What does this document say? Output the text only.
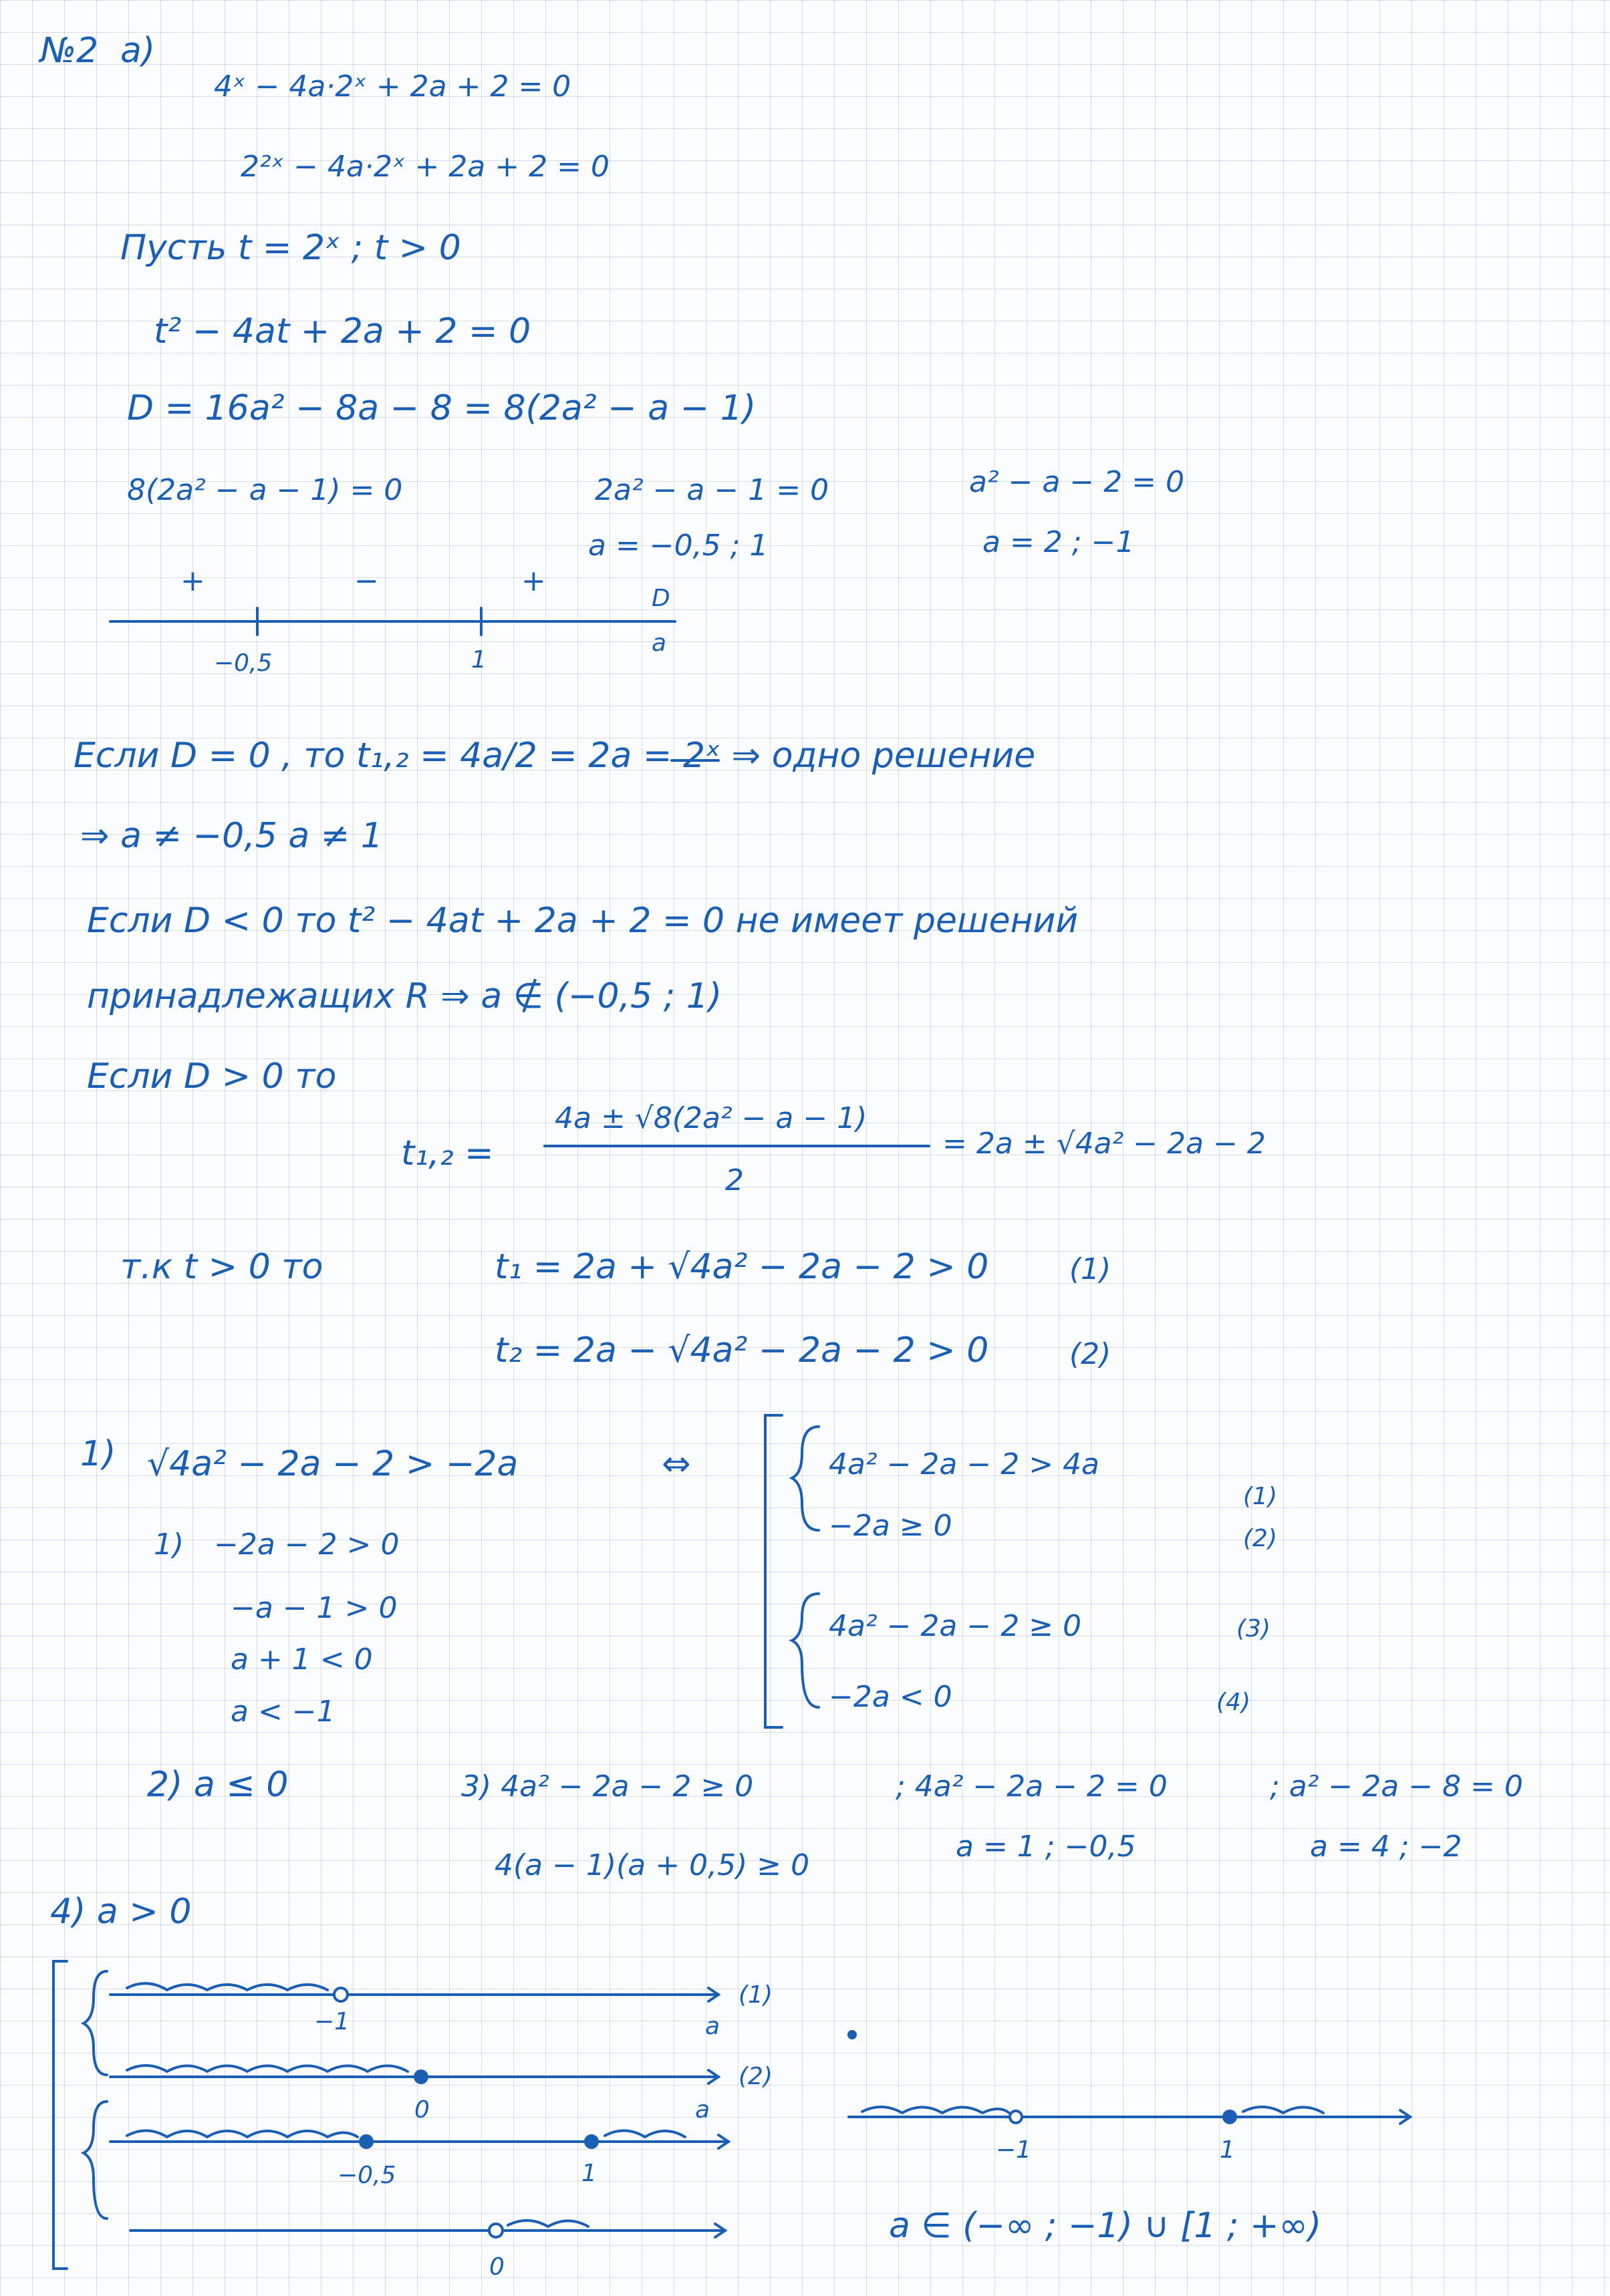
№2 a)
4ˣ − 4a·2ˣ + 2a + 2 = 0
2²ˣ − 4a·2ˣ + 2a + 2 = 0
Пусть t = 2ˣ ; t > 0
t² − 4at + 2a + 2 = 0
D = 16a² − 8a − 8 = 8(2a² − a − 1)
8(2a² − a − 1) = 0	2a² − a − 1 = 0
a = −0,5 ; 1
a² − a − 2 = 0
a = 2 ; −1
+	−	+
−0,5	1
D
a
Если D = 0 , то t₁,₂ = 4a/2 = 2a = 2ˣ ⇒ одно решение
⇒ a ≠ −0,5 a ≠ 1
Если D < 0 то t² − 4at + 2a + 2 = 0 не имеет решений
принадлежащих R ⇒ a ∉ (−0,5 ; 1)
Если D > 0 то
t₁,₂ =
4a ± √8(2a² − a − 1)
2
= 2a ± √4a² − 2a − 2
т.к t > 0 то	t₁ = 2a + √4a² − 2a − 2 > 0	(1)
t₂ = 2a − √4a² − 2a − 2 > 0	(2)
1) √4a² − 2a − 2 > −2a	⇔	4a² − 2a − 2 > 4a
−2a ≥ 0
(1)
(2)
4a² − 2a − 2 ≥ 0
−2a < 0
(3)
(4)
1) −2a − 2 > 0
−a − 1 > 0
a + 1 < 0
a < −1
2) a ≤ 0	3) 4a² − 2a − 2 ≥ 0
4(a − 1)(a + 0,5) ≥ 0
; 4a² − 2a − 2 = 0
a = 1 ; −0,5
; a² − 2a − 8 = 0
a = 4 ; −2
4) a > 0
(1)
a
−1
(2)
a
0
−0,5	1
0
−1	1
a ∈ (−∞ ; −1) ∪ [1 ; +∞)
